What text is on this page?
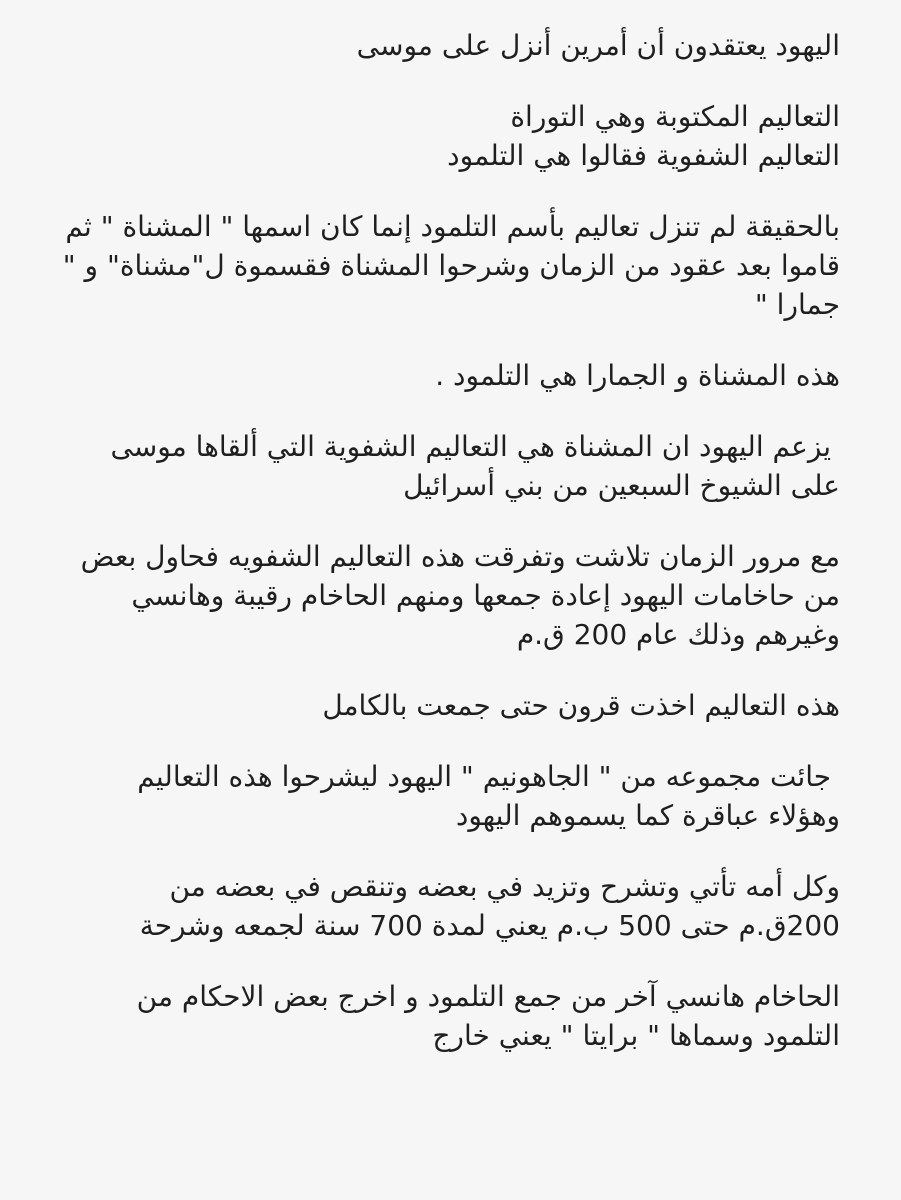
اليهود يعتقدون أن أمرين أنزل على موسى
التعاليم المكتوبة وهي التوراة
التعاليم الشفوية فقالوا هي التلمود
بالحقيقة لم تنزل تعاليم بأسم التلمود إنما كان اسمها " المشناة " ثم
قاموا بعد عقود من الزمان وشرحوا المشناة فقسموة ل"مشناة" و "
جمارا "
هذه المشناة و الجمارا هي التلمود .
يزعم اليهود ان المشناة هي التعاليم الشفوية التي ألقاها موسى
على الشيوخ السبعين من بني أسرائيل
مع مرور الزمان تلاشت وتفرقت هذه التعاليم الشفويه فحاول بعض
من حاخامات اليهود إعادة جمعها ومنهم الحاخام رقيبة وهانسي
وغيرهم وذلك عام 200 ق.م
هذه التعاليم اخذت قرون حتى جمعت بالكامل
جائت مجموعه من " الجاهونيم " اليهود ليشرحوا هذه التعاليم
وهؤلاء عباقرة كما يسموهم اليهود
وكل أمه تأتي وتشرح وتزيد في بعضه وتنقص في بعضه من
200ق.م حتى 500 ب.م يعني لمدة 700 سنة لجمعه وشرحة
الحاخام هانسي آخر من جمع التلمود و اخرج بعض الاحكام من
التلمود وسماها " برايتا " يعني خارج
